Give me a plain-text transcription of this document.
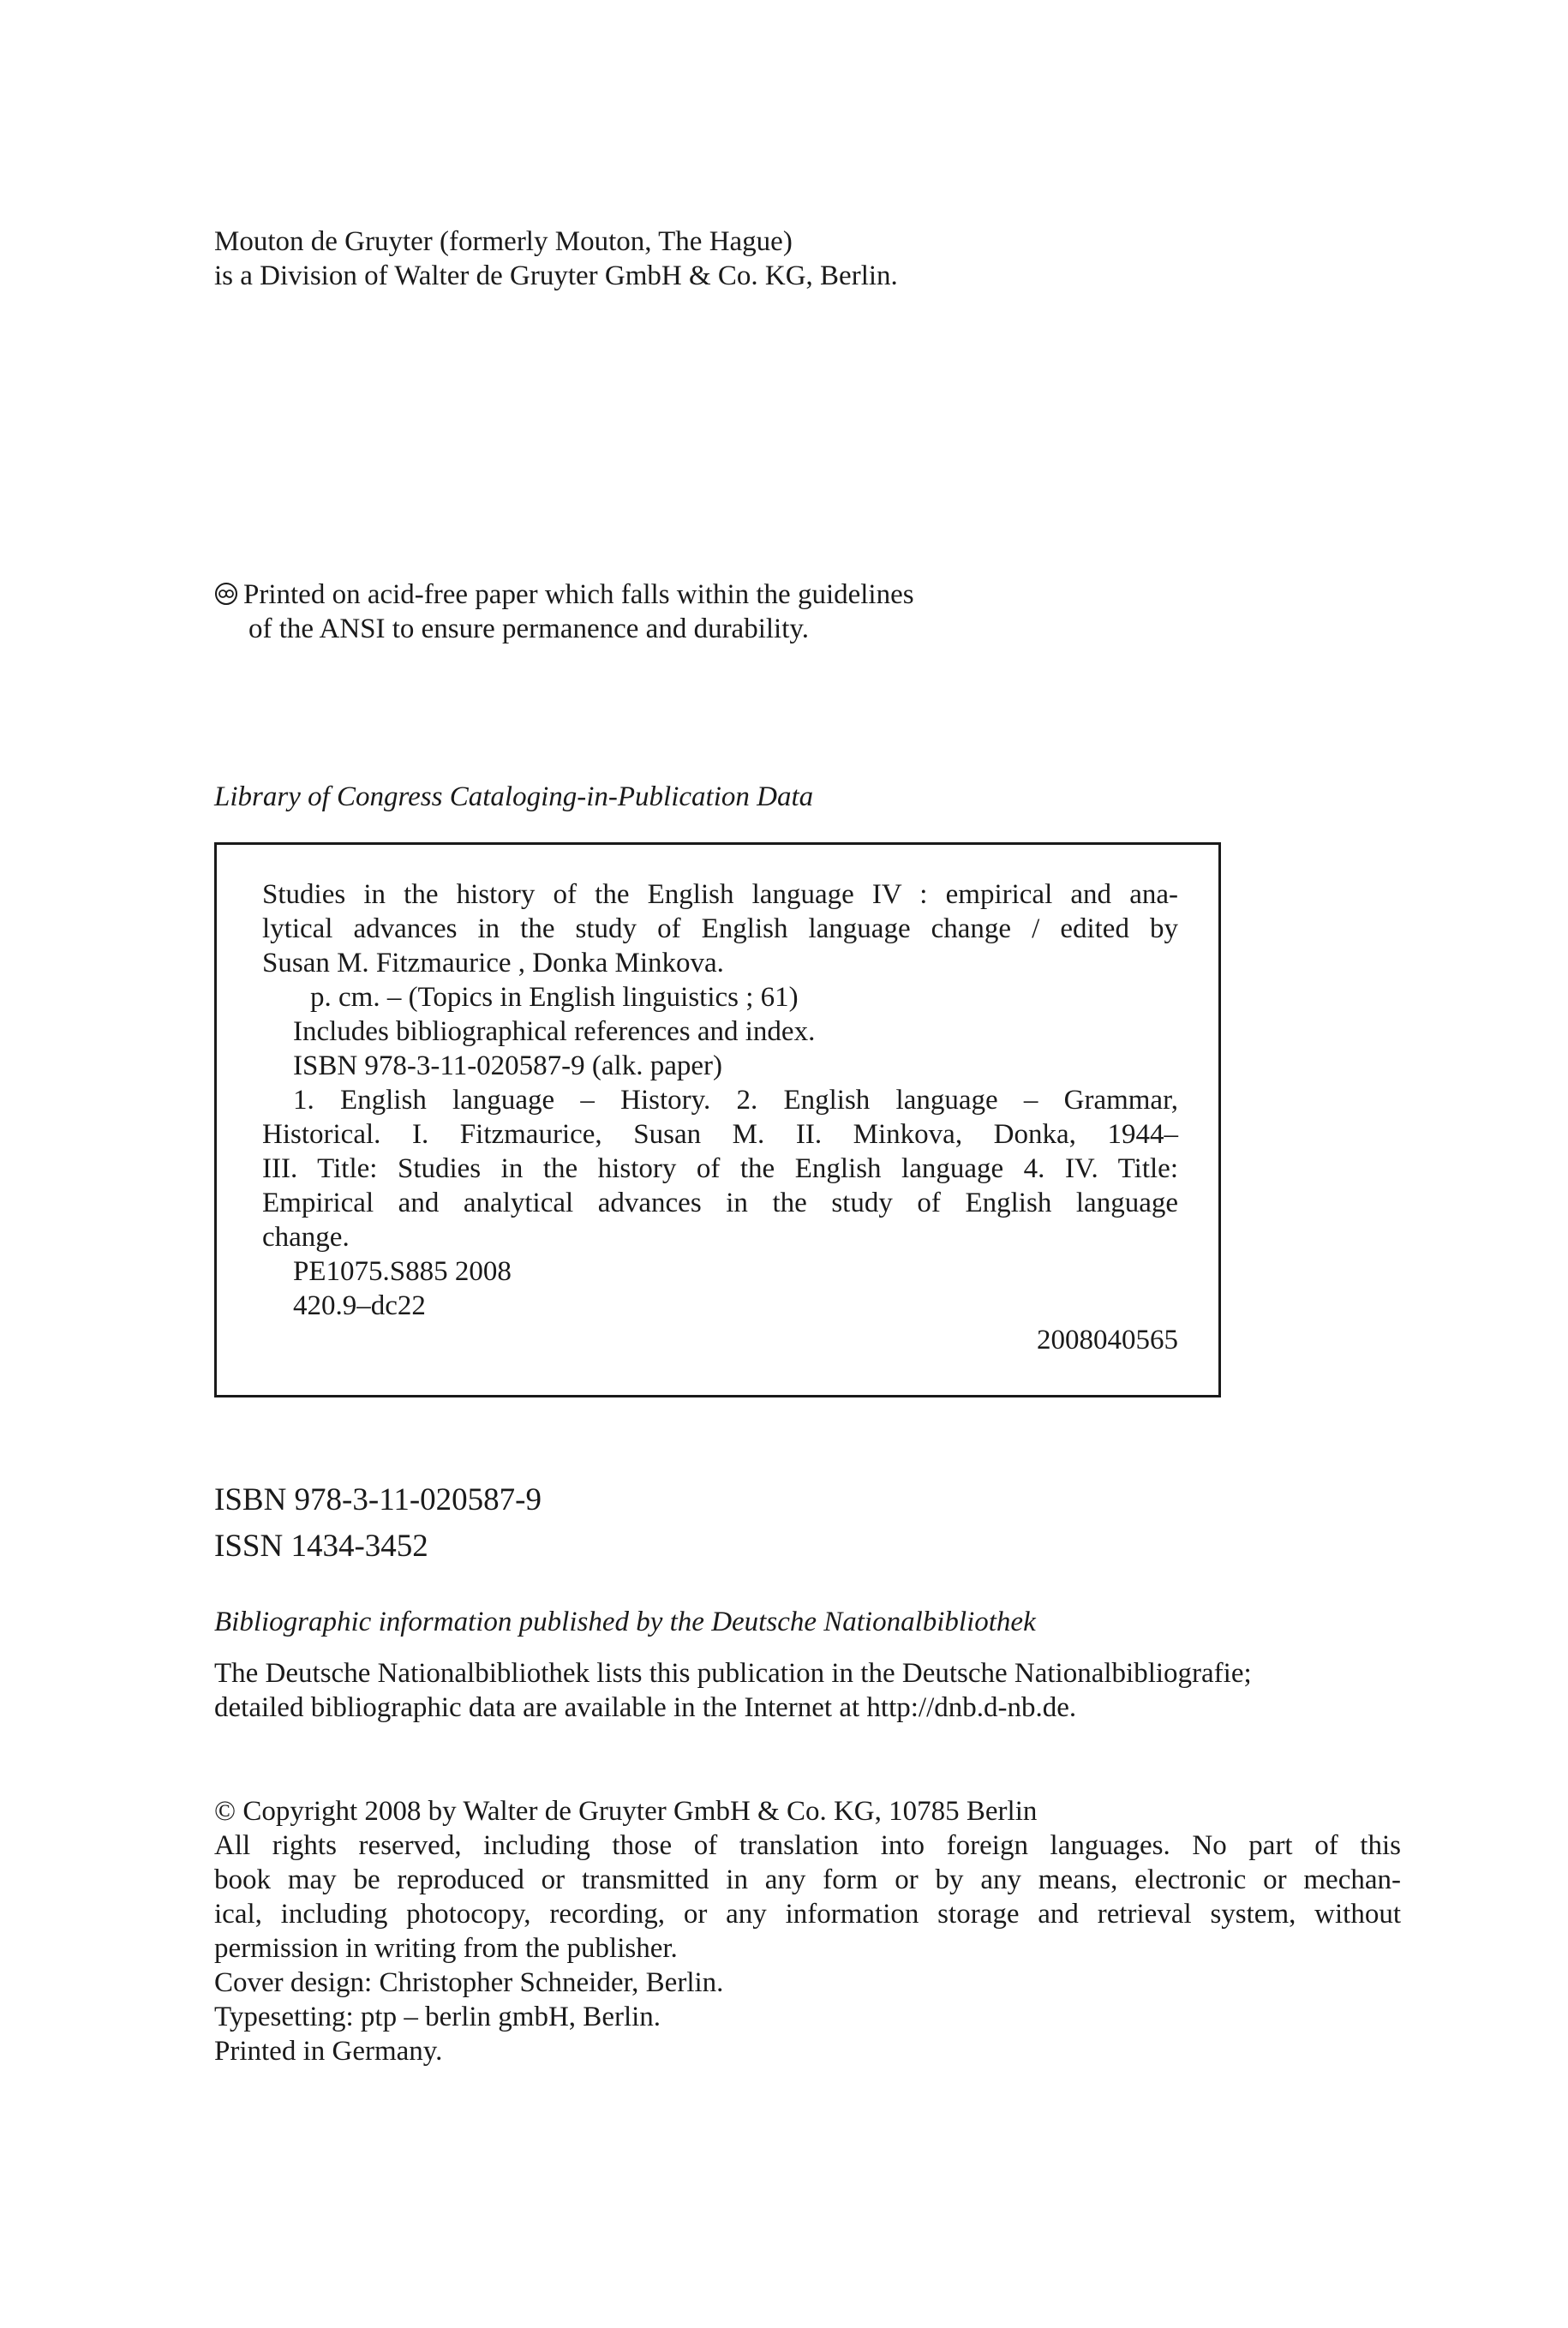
Mouton de Gruyter (formerly Mouton, The Hague)
is a Division of Walter de Gruyter GmbH & Co. KG, Berlin.
Printed on acid-free paper which falls within the guidelines
of the ANSI to ensure permanence and durability.
Library of Congress Cataloging-in-Publication Data
Studies in the history of the English language IV : empirical and ana-
lytical advances in the study of English language change / edited by
Susan M. Fitzmaurice , Donka Minkova.
p. cm. – (Topics in English linguistics ; 61)
Includes bibliographical references and index.
ISBN 978-3-11-020587-9 (alk. paper)
1. English language – History. 2. English language – Grammar,
Historical. I. Fitzmaurice, Susan M. II. Minkova, Donka, 1944–
III. Title: Studies in the history of the English language 4. IV. Title:
Empirical and analytical advances in the study of English language
change.
PE1075.S885 2008
420.9–dc22
2008040565
ISBN 978-3-11-020587-9
ISSN 1434-3452
Bibliographic information published by the Deutsche Nationalbibliothek
The Deutsche Nationalbibliothek lists this publication in the Deutsche Nationalbibliografie;
detailed bibliographic data are available in the Internet at http://dnb.d-nb.de.
© Copyright 2008 by Walter de Gruyter GmbH & Co. KG, 10785 Berlin
All rights reserved, including those of translation into foreign languages. No part of this
book may be reproduced or transmitted in any form or by any means, electronic or mechan-
ical, including photocopy, recording, or any information storage and retrieval system, without
permission in writing from the publisher.
Cover design: Christopher Schneider, Berlin.
Typesetting: ptp – berlin gmbH, Berlin.
Printed in Germany.
